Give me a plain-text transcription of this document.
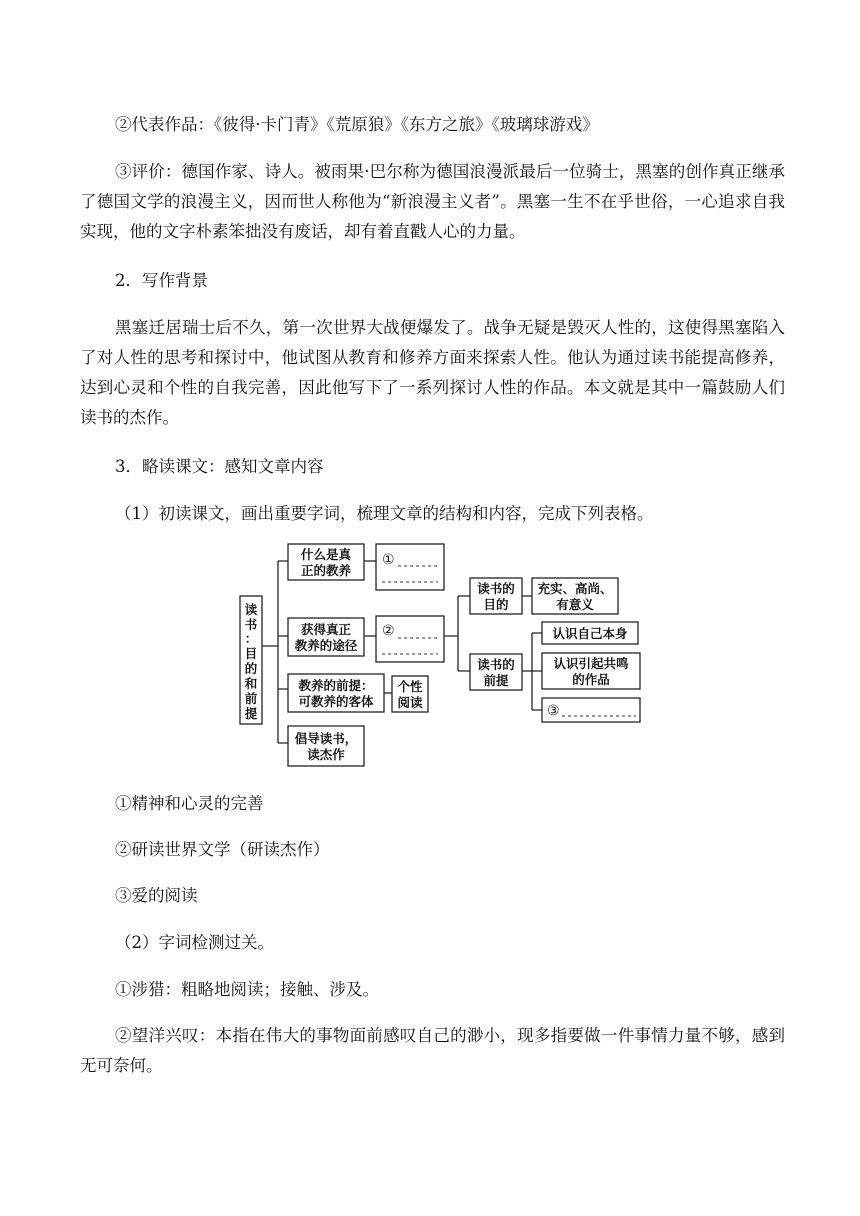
②代表作品：《彼得·卡门青》《荒原狼》《东方之旅》《玻璃球游戏》

③评价：德国作家、诗人。被雨果·巴尔称为德国浪漫派最后一位骑士，黑塞的创作真正继承了德国文学的浪漫主义，因而世人称他为“新浪漫主义者”。黑塞一生不在乎世俗，一心追求自我实现，他的文字朴素笨拙没有废话，却有着直戳人心的力量。

2．写作背景

黑塞迁居瑞士后不久，第一次世界大战便爆发了。战争无疑是毁灭人性的，这使得黑塞陷入了对人性的思考和探讨中，他试图从教育和修养方面来探索人性。他认为通过读书能提高修养，达到心灵和个性的自我完善，因此他写下了一系列探讨人性的作品。本文就是其中一篇鼓励人们读书的杰作。

3．略读课文：感知文章内容

（1）初读课文，画出重要字词，梳理文章的结构和内容，完成下列表格。

读
书
：
目
的
和
前
提
什么是真
正的教养
①
获得真正
教养的途径
②
教养的前提：
可教养的客体
个性
阅读
倡导读书，
读杰作
读书的
目的
充实、高尚、
有意义
读书的
前提
认识自己本身
认识引起共鸣
的作品
③

①精神和心灵的完善

②研读世界文学（研读杰作）

③爱的阅读

（2）字词检测过关。

①涉猎：粗略地阅读；接触、涉及。

②望洋兴叹：本指在伟大的事物面前感叹自己的渺小，现多指要做一件事情力量不够，感到无可奈何。
